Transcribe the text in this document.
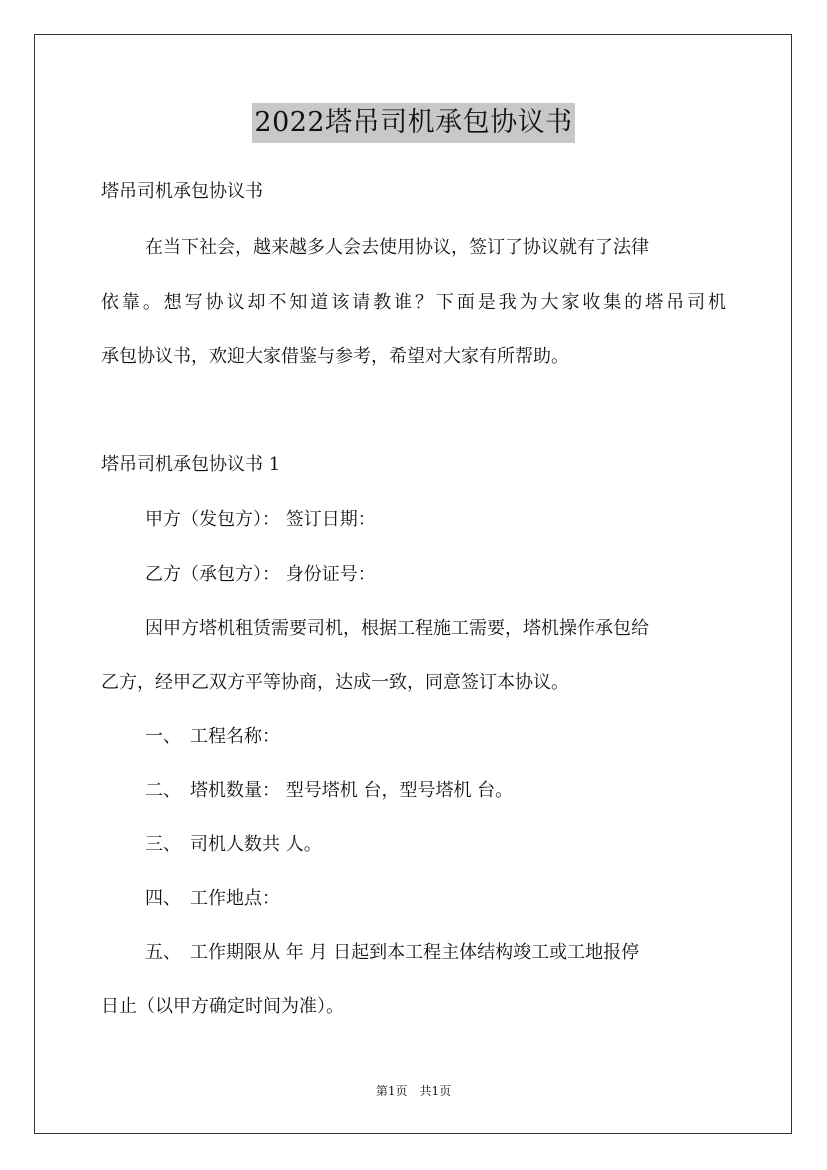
2022塔吊司机承包协议书
塔吊司机承包协议书
在当下社会，越来越多人会去使用协议，签订了协议就有了法律
依靠。想写协议却不知道该请教谁？下面是我为大家收集的塔吊司机
承包协议书，欢迎大家借鉴与参考，希望对大家有所帮助。
塔吊司机承包协议书 1
甲方（发包方）： 签订日期：
乙方（承包方）： 身份证号：
因甲方塔机租赁需要司机，根据工程施工需要，塔机操作承包给
乙方，经甲乙双方平等协商，达成一致，同意签订本协议。
一、　工程名称：
二、　塔机数量： 型号塔机 台，型号塔机 台。
三、　司机人数共 人。
四、　工作地点：
五、　工作期限从 年 月 日起到本工程主体结构竣工或工地报停
日止（以甲方确定时间为准）。
第1页　共1页
